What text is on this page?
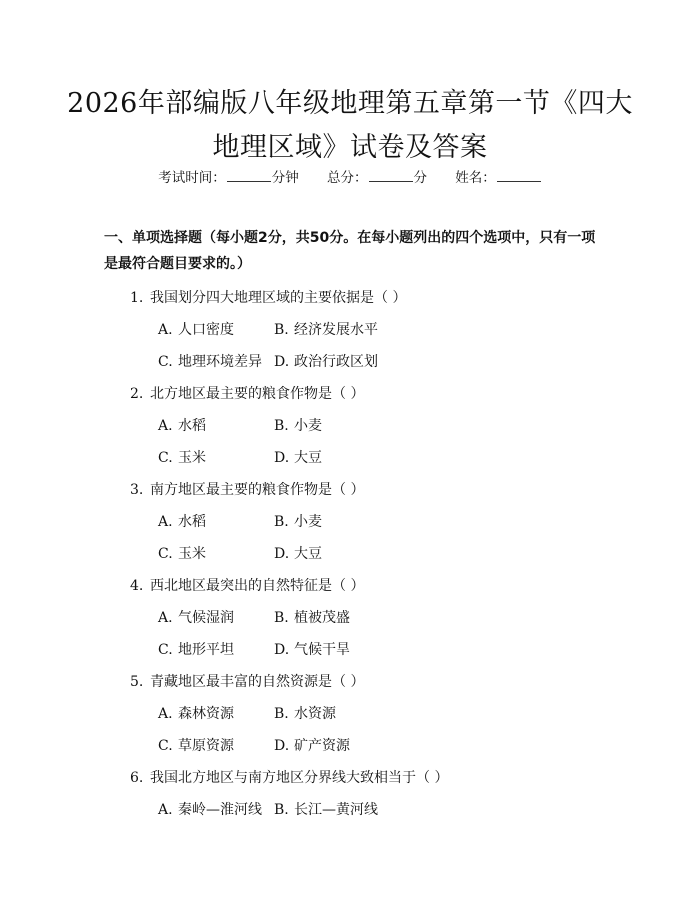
2026年部编版八年级地理第五章第一节《四大地理区域》试卷及答案
考试时间：	分钟 总分：	分 姓名：
一、单项选择题（每小题2分，共50分。在每小题列出的四个选项中，只有一项是最符合题目要求的。）
1. 我国划分四大地理区域的主要依据是（ ）
A. 人口密度	B. 经济发展水平
C. 地理环境差异 D. 政治行政区划
2. 北方地区最主要的粮食作物是（ ）
A. 水稻	B. 小麦
C. 玉米	D. 大豆
3. 南方地区最主要的粮食作物是（ ）
A. 水稻	B. 小麦
C. 玉米	D. 大豆
4. 西北地区最突出的自然特征是（ ）
A. 气候湿润	B. 植被茂盛
C. 地形平坦	D. 气候干旱
5. 青藏地区最丰富的自然资源是（ ）
A. 森林资源	B. 水资源
C. 草原资源	D. 矿产资源
6. 我国北方地区与南方地区分界线大致相当于（ ）
A. 秦岭—淮河线 B. 长江—黄河线
